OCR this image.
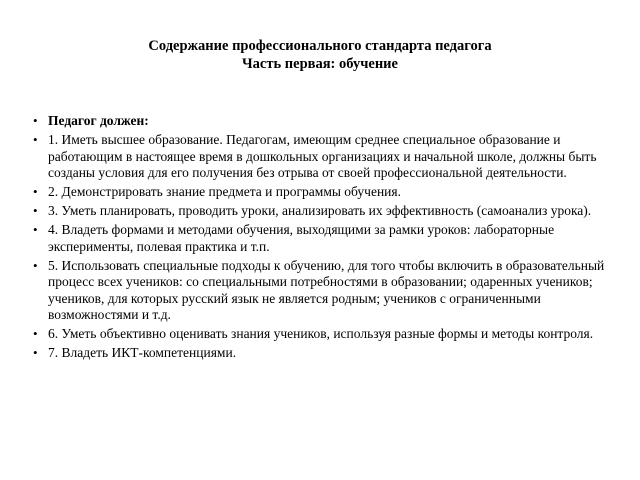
Содержание профессионального стандарта педагога
Часть первая: обучение
• Педагог должен:
• 1. Иметь высшее образование. Педагогам, имеющим среднее специальное образование и работающим в настоящее время в дошкольных организациях и начальной школе, должны быть созданы условия для его получения без отрыва от своей профессиональной деятельности.
• 2. Демонстрировать знание предмета и программы обучения.
• 3. Уметь планировать, проводить уроки, анализировать их эффективность (самоанализ урока).
• 4. Владеть формами и методами обучения, выходящими за рамки уроков: лабораторные эксперименты, полевая практика и т.п.
• 5. Использовать специальные подходы к обучению, для того чтобы включить в образовательный процесс всех учеников: со специальными потребностями в образовании; одаренных учеников; учеников, для которых русский язык не является родным; учеников с ограниченными возможностями и т.д.
• 6. Уметь объективно оценивать знания учеников, используя разные формы и методы контроля.
• 7. Владеть ИКТ-компетенциями.
